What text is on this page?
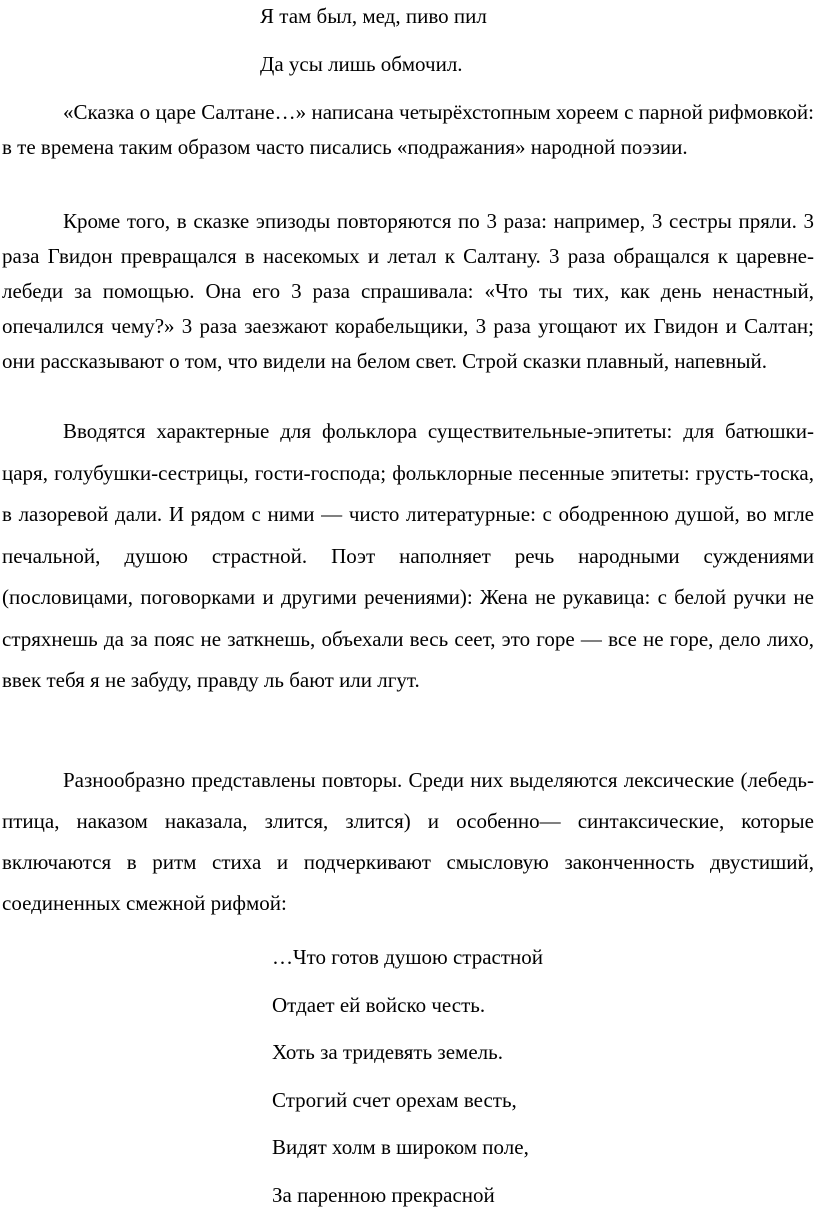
Я там был, мед, пиво пил
Да усы лишь обмочил.

«Сказка о царе Салтане…» написана четырёхстопным хореем с парной рифмовкой: в те времена таким образом часто писались «подражания» народной поэзии.

Кроме того, в сказке эпизоды повторяются по 3 раза: например, 3 сестры пряли. 3 раза Гвидон превращался в насекомых и летал к Салтану. 3 раза обращался к царевне-лебеди за помощью. Она его 3 раза спрашивала: «Что ты тих, как день ненастный, опечалился чему?» 3 раза заезжают корабельщики, 3 раза угощают их Гвидон и Салтан; они рассказывают о том, что видели на белом свет. Строй сказки плавный, напевный.

Вводятся характерные для фольклора существительные-эпитеты: для батюшки-царя, голубушки-сестрицы, гости-господа; фольклорные песенные эпитеты: грусть-тоска, в лазоревой дали. И рядом с ними — чисто литературные: с ободренною душой, во мгле печальной, душою страстной. Поэт наполняет речь народными суждениями (пословицами, поговорками и другими речениями): Жена не рукавица: с белой ручки не стряхнешь да за пояс не заткнешь, объехали весь сеет, это горе — все не горе, дело лихо, ввек тебя я не забуду, правду ль бают или лгут.

Разнообразно представлены повторы. Среди них выделяются лексические (лебедь-птица, наказом наказала, злится, злится) и особенно— синтаксические, которые включаются в ритм стиха и подчеркивают смысловую законченность двустиший, соединенных смежной рифмой:

…Что готов душою страстной
Отдает ей войско честь.
Хоть за тридевять земель.
Строгий счет орехам весть,
Видят холм в широком поле,
За паренною прекрасной
